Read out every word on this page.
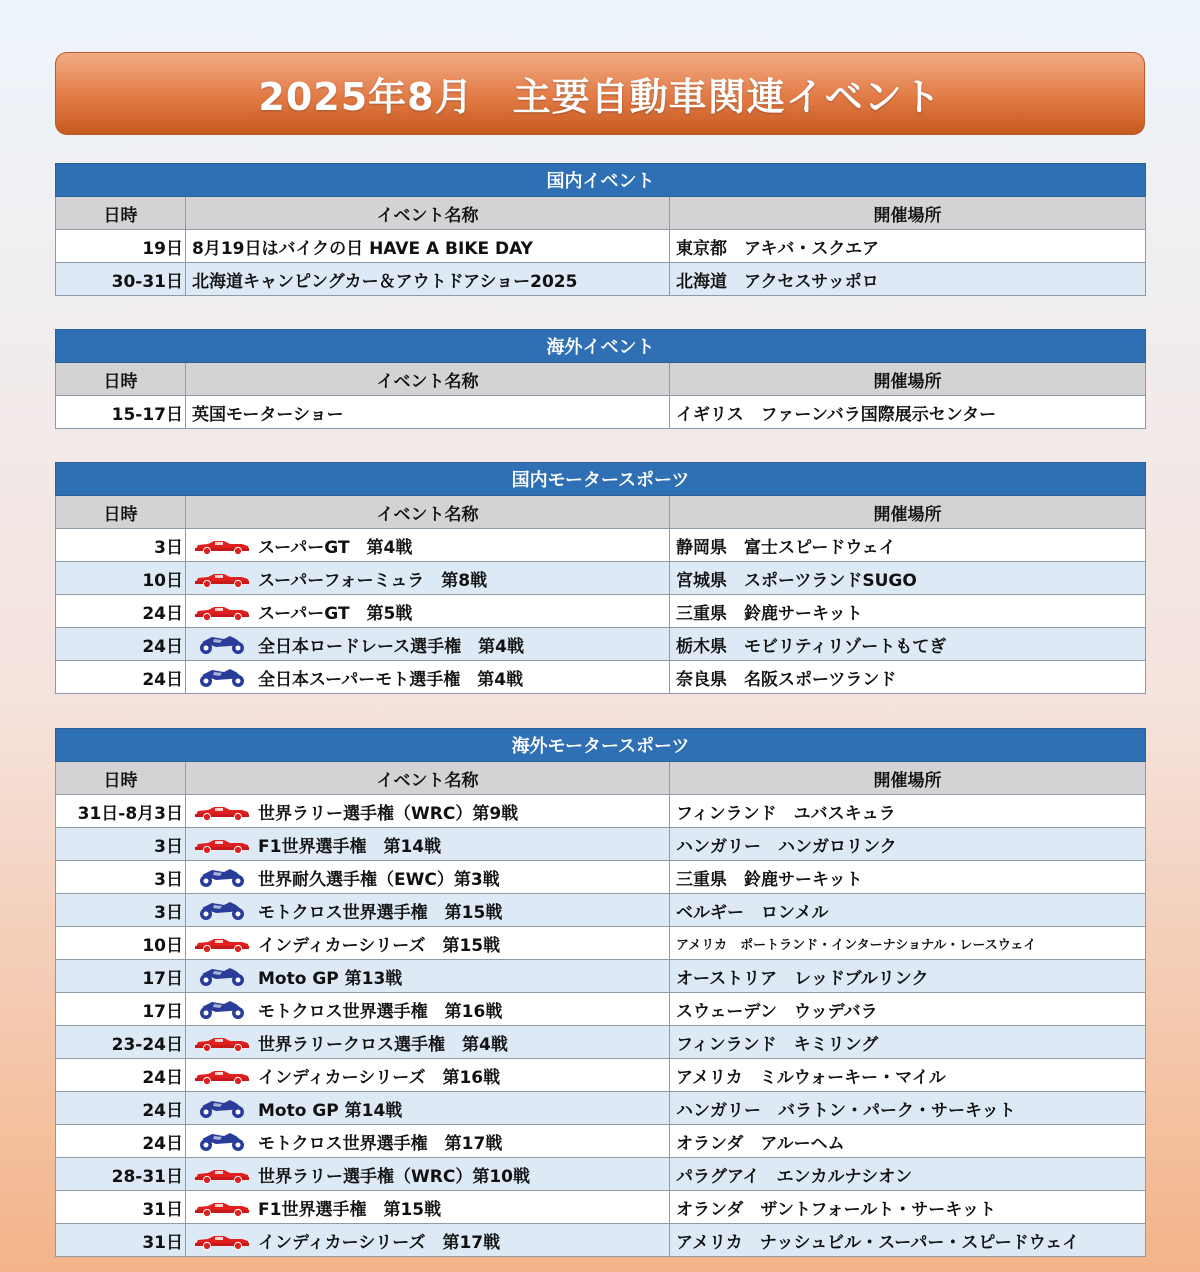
2025年8月　主要自動車関連イベント
国内イベント		
日時	イベント名称	開催場所
19日	8月19日はバイクの日 HAVE A BIKE DAY	東京都　アキバ・スクエア
30-31日	北海道キャンピングカー＆アウトドアショー2025	北海道　アクセスサッポロ
海外イベント		
日時	イベント名称	開催場所
15-17日	英国モーターショー	イギリス　ファーンバラ国際展示センター
国内モータースポーツ		
日時	イベント名称	開催場所
3日	スーパーGT　第4戦	静岡県　富士スピードウェイ
10日	スーパーフォーミュラ　第8戦	宮城県　スポーツランドSUGO
24日	スーパーGT　第5戦	三重県　鈴鹿サーキット
24日	全日本ロードレース選手権　第4戦	栃木県　モビリティリゾートもてぎ
24日	全日本スーパーモト選手権　第4戦	奈良県　名阪スポーツランド
海外モータースポーツ		
日時	イベント名称	開催場所
31日-8月3日	世界ラリー選手権（WRC）第9戦	フィンランド　ユバスキュラ
3日	F1世界選手権　第14戦	ハンガリー　ハンガロリンク
3日	世界耐久選手権（EWC）第3戦	三重県　鈴鹿サーキット
3日	モトクロス世界選手権　第15戦	ベルギー　ロンメル
10日	インディカーシリーズ　第15戦	アメリカ　ポートランド・インターナショナル・レースウェイ
17日	Moto GP 第13戦	オーストリア　レッドブルリンク
17日	モトクロス世界選手権　第16戦	スウェーデン　ウッデバラ
23-24日	世界ラリークロス選手権　第4戦	フィンランド　キミリング
24日	インディカーシリーズ　第16戦	アメリカ　ミルウォーキー・マイル
24日	Moto GP 第14戦	ハンガリー　バラトン・パーク・サーキット
24日	モトクロス世界選手権　第17戦	オランダ　アルーヘム
28-31日	世界ラリー選手権（WRC）第10戦	パラグアイ　エンカルナシオン
31日	F1世界選手権　第15戦	オランダ　ザントフォールト・サーキット
31日	インディカーシリーズ　第17戦	アメリカ　ナッシュビル・スーパー・スピードウェイ
